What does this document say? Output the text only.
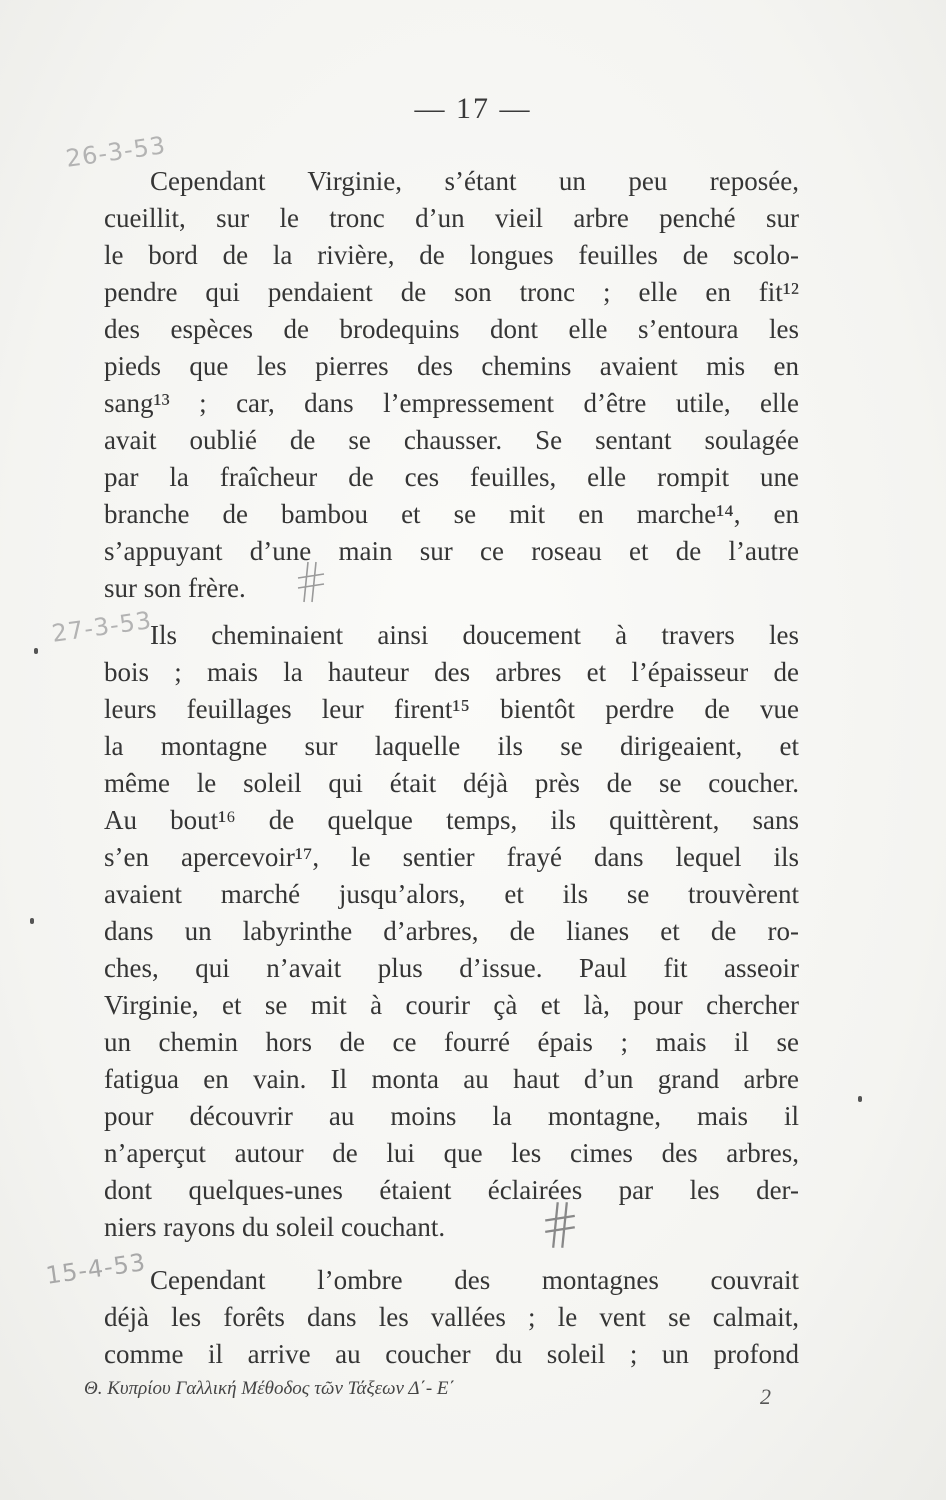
— 17 —
26-3-53
27-3-53
15-4-53
Cependant Virginie, s’étant un peu reposée,
cueillit, sur le tronc d’un vieil arbre penché sur
le bord de la rivière, de longues feuilles de scolo-
pendre qui pendaient de son tronc ; elle en fit¹²
des espèces de brodequins dont elle s’entoura les
pieds que les pierres des chemins avaient mis en
sang¹³ ; car, dans l’empressement d’être utile, elle
avait oublié de se chausser. Se sentant soulagée
par la fraîcheur de ces feuilles, elle rompit une
branche de bambou et se mit en marche¹⁴, en
s’appuyant d’une main sur ce roseau et de l’autre
sur son frère.
Ils cheminaient ainsi doucement à travers les
bois ; mais la hauteur des arbres et l’épaisseur de
leurs feuillages leur firent¹⁵ bientôt perdre de vue
la montagne sur laquelle ils se dirigeaient, et
même le soleil qui était déjà près de se coucher.
Au bout¹⁶ de quelque temps, ils quittèrent, sans
s’en apercevoir¹⁷, le sentier frayé dans lequel ils
avaient marché jusqu’alors, et ils se trouvèrent
dans un labyrinthe d’arbres, de lianes et de ro-
ches, qui n’avait plus d’issue. Paul fit asseoir
Virginie, et se mit à courir çà et là, pour chercher
un chemin hors de ce fourré épais ; mais il se
fatigua en vain. Il monta au haut d’un grand arbre
pour découvrir au moins la montagne, mais il
n’aperçut autour de lui que les cimes des arbres,
dont quelques-unes étaient éclairées par les der-
niers rayons du soleil couchant.
Cependant l’ombre des montagnes couvrait
déjà les forêts dans les vallées ; le vent se calmait,
comme il arrive au coucher du soleil ; un profond
Θ. Κυπρίου Γαλλική Μέθοδος τῶν Τάξεων Δ΄- Ε΄	2
